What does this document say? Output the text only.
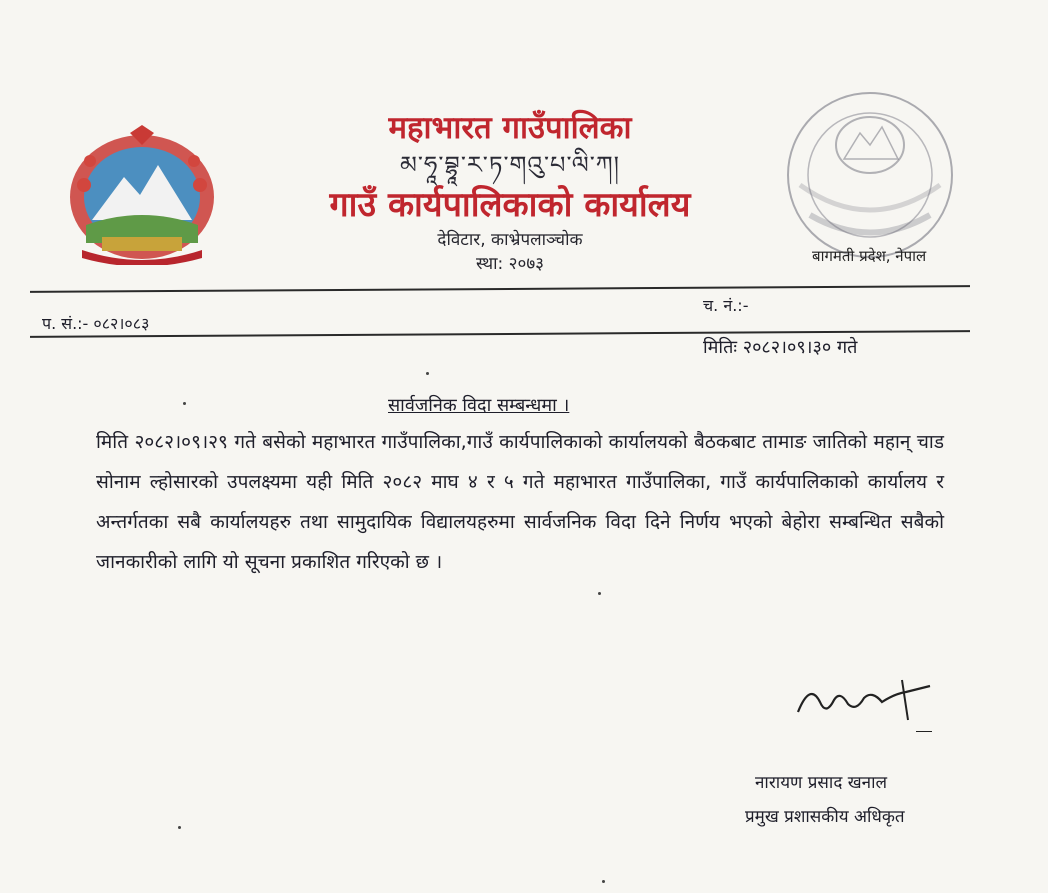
महाभारत गाउँपालिका
མ་ཧཱ་བྷཱ་ར་ཏ་གའུ་པ་ལི་ཀ།
गाउँ कार्यपालिकाको कार्यालय
देविटार, काभ्रेपलाञ्चोक
स्था: २०७३	बागमती प्रदेश, नेपाल
प. सं.:- ०८२।०८३
च. नं.:-
मितिः २०८२।०९।३० गते
सार्वजनिक विदा सम्बन्धमा ।
मिति २०८२।०९।२९ गते बसेको महाभारत गाउँपालिका,गाउँ कार्यपालिकाको कार्यालयको बैठकबाट तामाङ जातिको महान् चाड सोनाम ल्होसारको उपलक्ष्यमा यही मिति २०८२ माघ ४ र ५ गते महाभारत गाउँपालिका, गाउँ कार्यपालिकाको कार्यालय र अन्तर्गतका सबै कार्यालयहरु तथा सामुदायिक विद्यालयहरुमा सार्वजनिक विदा दिने निर्णय भएको बेहोरा सम्बन्धित सबैको जानकारीको लागि यो सूचना प्रकाशित गरिएको छ ।
नारायण प्रसाद खनाल
प्रमुख प्रशासकीय अधिकृत
